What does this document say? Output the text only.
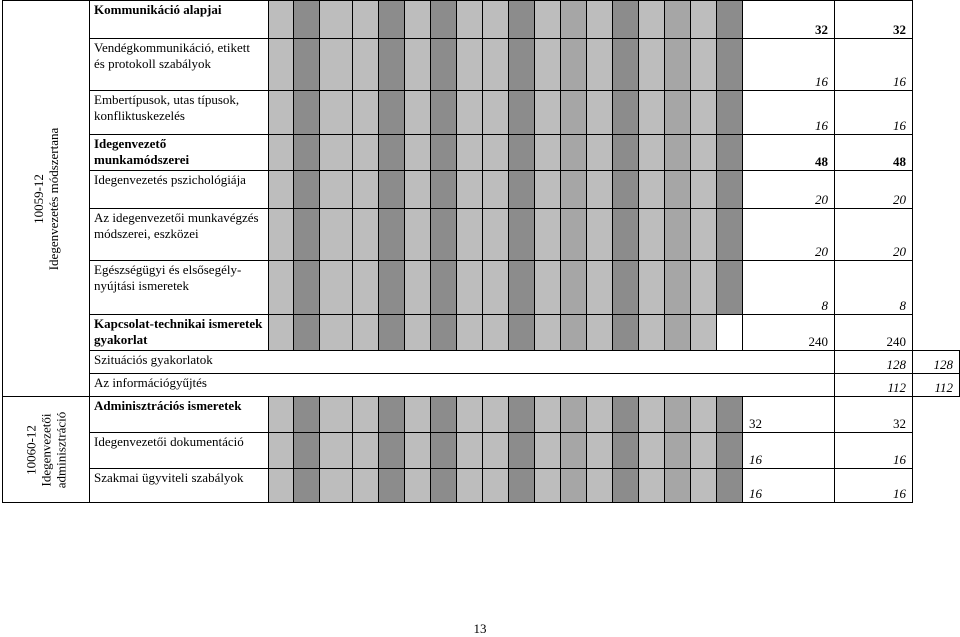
10059-12 Idegenvezetés módszertana	Kommunikáció alapjai																			32	32	
	Vendégkommunikáció, etikett és protokoll szabályok																			16	16	
	Embertípusok, utas típusok, konfliktuskezelés																			16	16	
	Idegenvezető munkamódszerei																			48	48	
	Idegenvezetés pszichológiája																			20	20	
	Az idegenvezetői munkavégzés módszerei, eszközei																			20	20	
	Egészségügyi és elsősegély-nyújtási ismeretek																			8	8	
	Kapcsolat-technikai ismeretek gyakorlat																			240	240	
	Szituációs gyakorlatok																				128	128
	Az információgyűjtés																				112	112

10060-12 Idegenvezetői adminisztráció	Adminisztrációs ismeretek																			32	32	
	Idegenvezetői dokumentáció																			16	16	
	Szakmai ügyviteli szabályok																			16	16	
13
